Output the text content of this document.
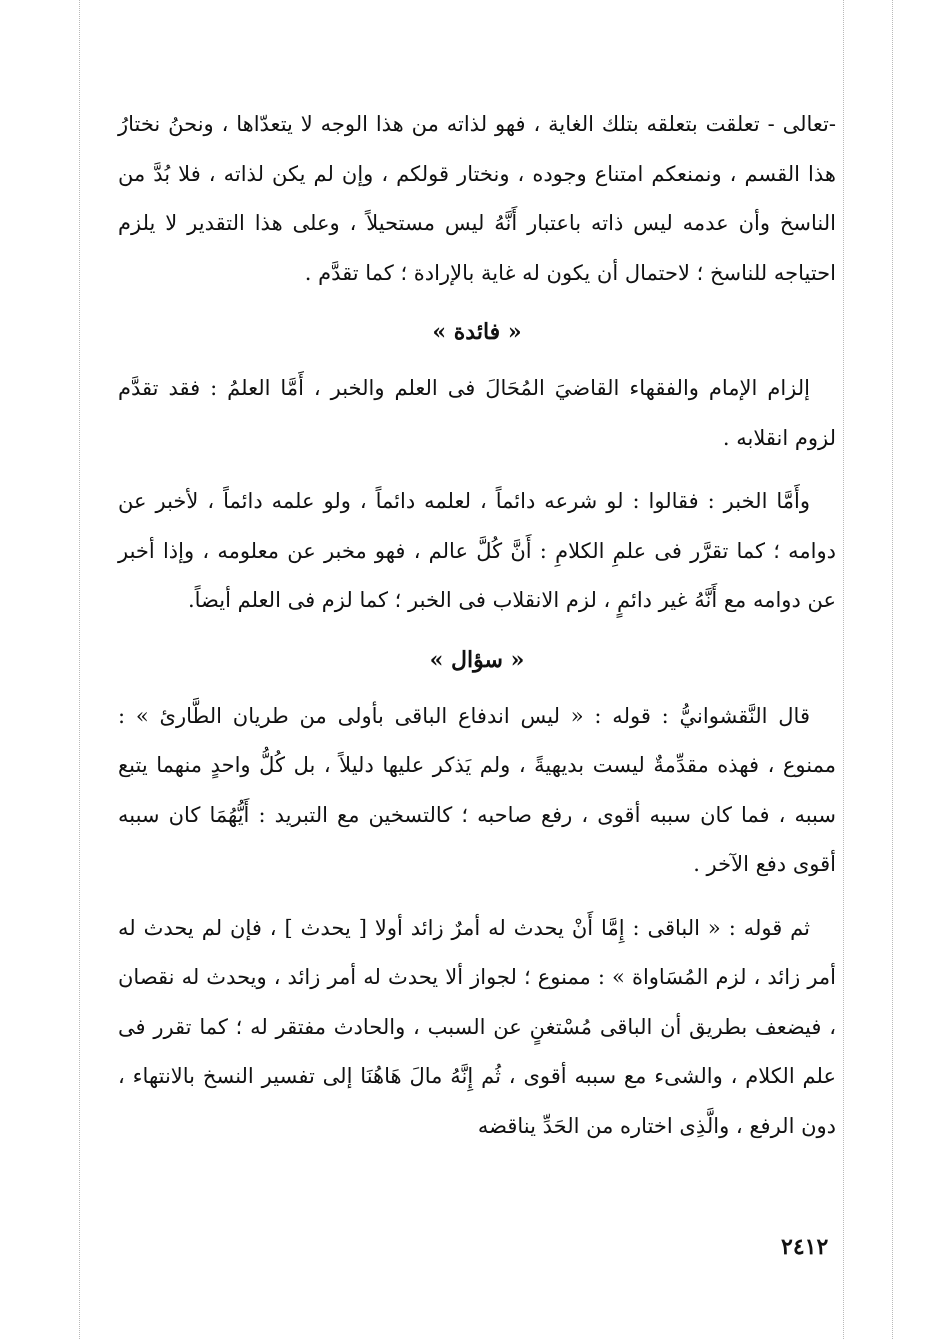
-تعالى - تعلقت بتعلقه بتلك الغاية ، فهو لذاته من هذا الوجه لا يتعدّاها ، ونحنُ نختارُ هذا القسم ، ونمنعكم امتناع وجوده ، ونختار قولكم ، وإن لم يكن لذاته ، فلا بُدَّ من الناسخ وأن عدمه ليس ذاته باعتبار أَنَّهُ ليس مستحيلاً ، وعلى هذا التقدير لا يلزم احتياجه للناسخ ؛ لاحتمال أن يكون له غاية بالإرادة ؛ كما تقدَّم .

« فائدة »

إلزام الإمام والفقهاء القاضيَ المُحَالَ فى العلم والخبر ، أَمَّا العلمُ : فقد تقدَّم لزوم انقلابه .

وأَمَّا الخبر : فقالوا : لو شرعه دائماً ، لعلمه دائماً ، ولو علمه دائماً ، لأخبر عن دوامه ؛ كما تقرَّر فى علمِ الكلامِ : أَنَّ كُلَّ عالم ، فهو مخبر عن معلومه ، وإذا أخبر عن دوامه مع أَنَّهُ غير دائمٍ ، لزم الانقلاب فى الخبر ؛ كما لزم فى العلم أيضاً.

« سؤال »

قال النَّقشوانيُّ : قوله : « ليس اندفاع الباقى بأولى من طريان الطَّارئ » : ممنوع ، فهذه مقدِّمةٌ ليست بديهيةً ، ولم يَذكر عليها دليلاً ، بل كُلُّ واحدٍ منهما يتبع سببه ، فما كان سببه أقوى ، رفع صاحبه ؛ كالتسخين مع التبريد : أَيُّهُمَا كان سببه أقوى دفع الآخر .

ثم قوله : « الباقى : إِمَّا أَنْ يحدث له أمرٌ زائد أولا [ يحدث ] ، فإن لم يحدث له أمر زائد ، لزم المُسَاواة » : ممنوع ؛ لجواز ألا يحدث له أمر زائد ، ويحدث له نقصان ، فيضعف بطريق أن الباقى مُسْتغنٍ عن السبب ، والحادث مفتقر له ؛ كما تقرر فى علم الكلام ، والشىء مع سببه أقوى ، ثُم إِنَّهُ مالَ هَاهُنَا إلى تفسير النسخ بالانتهاء ، دون الرفع ، والَّذِى اختاره من الحَدِّ يناقضه

٢٤١٢
